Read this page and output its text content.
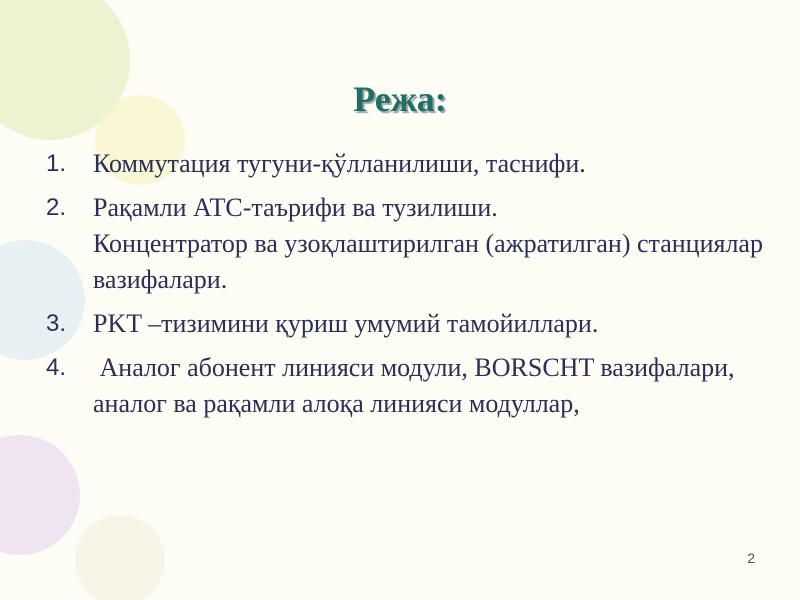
Режа:
1.	Коммутация тугуни-қўлланилиши, таснифи.
2.	Рақамли АТС-таърифи ва тузилиши.
Концентратор ва узоқлаштирилган (ажратилган) станциялар вазифалари.
3.	PKT –тизимини қуриш умумий тамойиллари.
4.	Аналог абонент линияси модули, BORSCHT вазифалари, аналог ва рақамли алоқа линияси модуллар,
2
